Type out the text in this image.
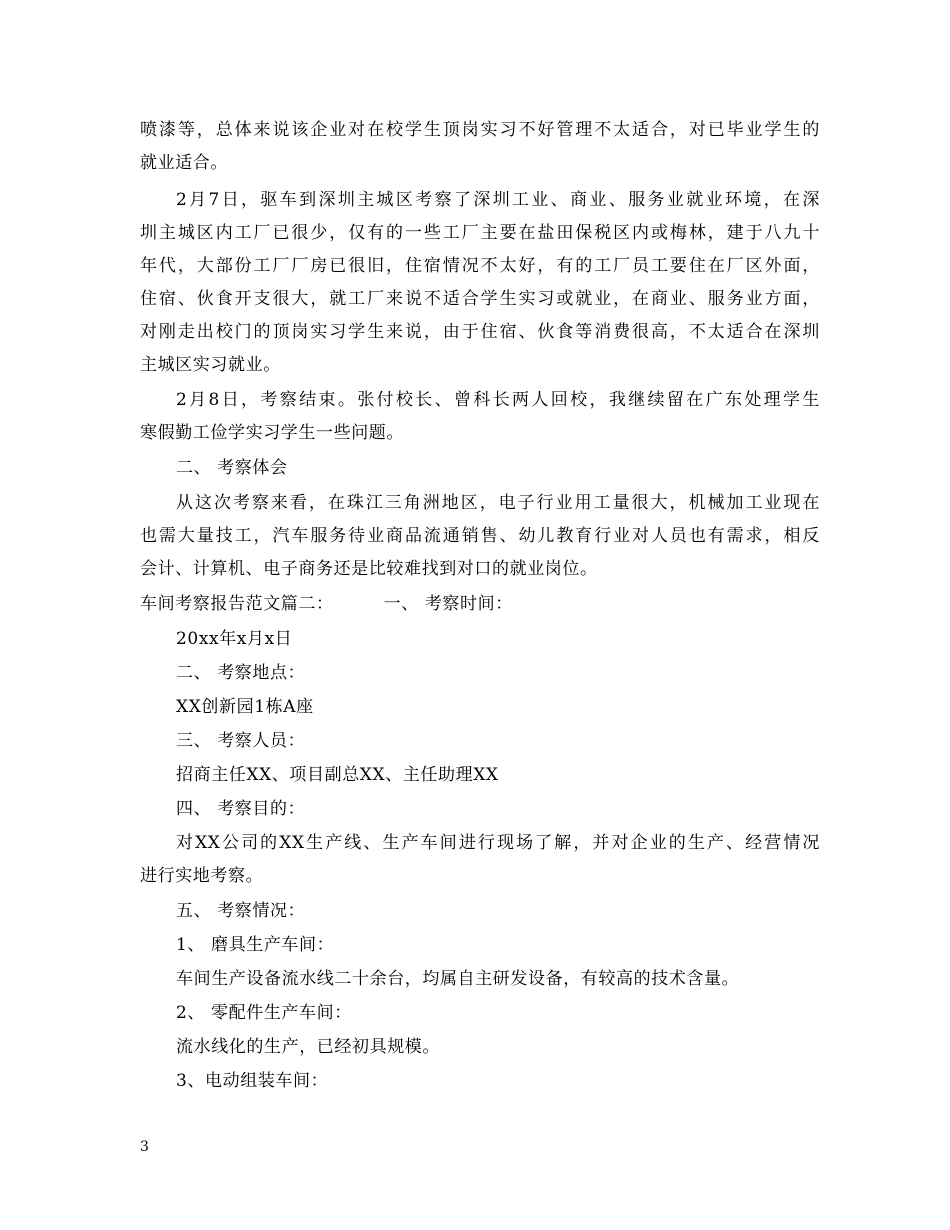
喷漆等，总体来说该企业对在校学生顶岗实习不好管理不太适合，对已毕业学生的
就业适合。
2月7日，驱车到深圳主城区考察了深圳工业、商业、服务业就业环境，在深
圳主城区内工厂已很少，仅有的一些工厂主要在盐田保税区内或梅林，建于八九十
年代，大部份工厂厂房已很旧，住宿情况不太好，有的工厂员工要住在厂区外面，
住宿、伙食开支很大，就工厂来说不适合学生实习或就业，在商业、服务业方面，
对刚走出校门的顶岗实习学生来说，由于住宿、伙食等消费很高，不太适合在深圳
主城区实习就业。
2月8日，考察结束。张付校长、曾科长两人回校，我继续留在广东处理学生
寒假勤工俭学实习学生一些问题。
二、 考察体会
从这次考察来看，在珠江三角洲地区，电子行业用工量很大，机械加工业现在
也需大量技工，汽车服务待业商品流通销售、幼儿教育行业对人员也有需求，相反
会计、计算机、电子商务还是比较难找到对口的就业岗位。
车间考察报告范文篇二：	一、 考察时间：
20xx年x月x日
二、 考察地点：
XX创新园1栋A座
三、 考察人员：
招商主任XX、项目副总XX、主任助理XX
四、 考察目的：
对XX公司的XX生产线、生产车间进行现场了解，并对企业的生产、经营情况
进行实地考察。
五、 考察情况：
1、 磨具生产车间：
车间生产设备流水线二十余台，均属自主研发设备，有较高的技术含量。
2、 零配件生产车间：
流水线化的生产，已经初具规模。
3、电动组装车间：
3
